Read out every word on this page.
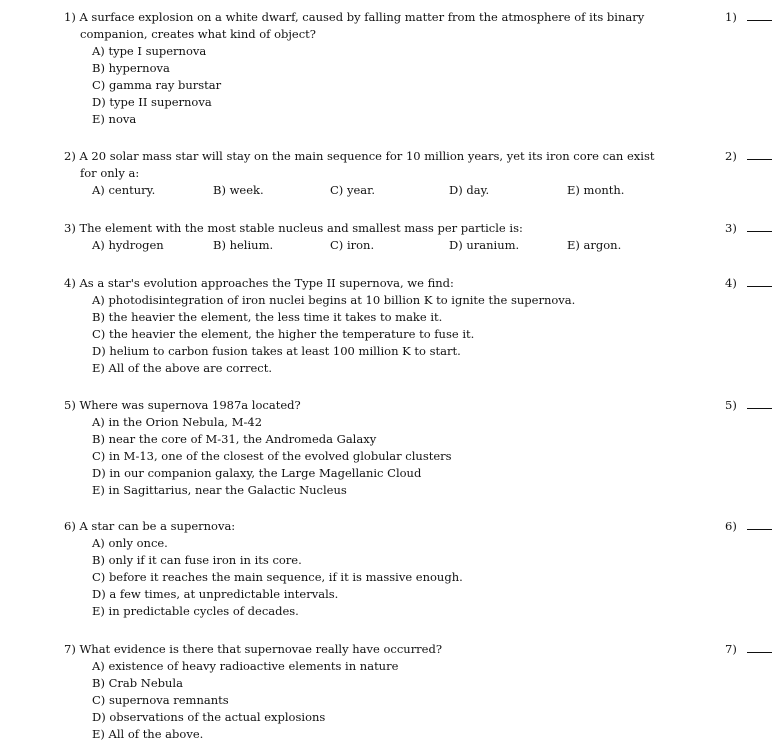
1) A surface explosion on a white dwarf, caused by falling matter from the atmosphere of its binary
companion, creates what kind of object?
A) type I supernova
B) hypernova
C) gamma ray burstar
D) type II supernova
E) nova
1)
2) A 20 solar mass star will stay on the main sequence for 10 million years, yet its iron core can exist
for only a:
A) century.	B) week.	C) year.	D) day.	E) month.
2)
3) The element with the most stable nucleus and smallest mass per particle is:
A) hydrogen	B) helium.	C) iron.	D) uranium.	E) argon.
3)
4) As a star's evolution approaches the Type II supernova, we find:
A) photodisintegration of iron nuclei begins at 10 billion K to ignite the supernova.
B) the heavier the element, the less time it takes to make it.
C) the heavier the element, the higher the temperature to fuse it.
D) helium to carbon fusion takes at least 100 million K to start.
E) All of the above are correct.
4)
5) Where was supernova 1987a located?
A) in the Orion Nebula, M-42
B) near the core of M-31, the Andromeda Galaxy
C) in M-13, one of the closest of the evolved globular clusters
D) in our companion galaxy, the Large Magellanic Cloud
E) in Sagittarius, near the Galactic Nucleus
5)
6) A star can be a supernova:
A) only once.
B) only if it can fuse iron in its core.
C) before it reaches the main sequence, if it is massive enough.
D) a few times, at unpredictable intervals.
E) in predictable cycles of decades.
6)
7) What evidence is there that supernovae really have occurred?
A) existence of heavy radioactive elements in nature
B) Crab Nebula
C) supernova remnants
D) observations of the actual explosions
E) All of the above.
7)
